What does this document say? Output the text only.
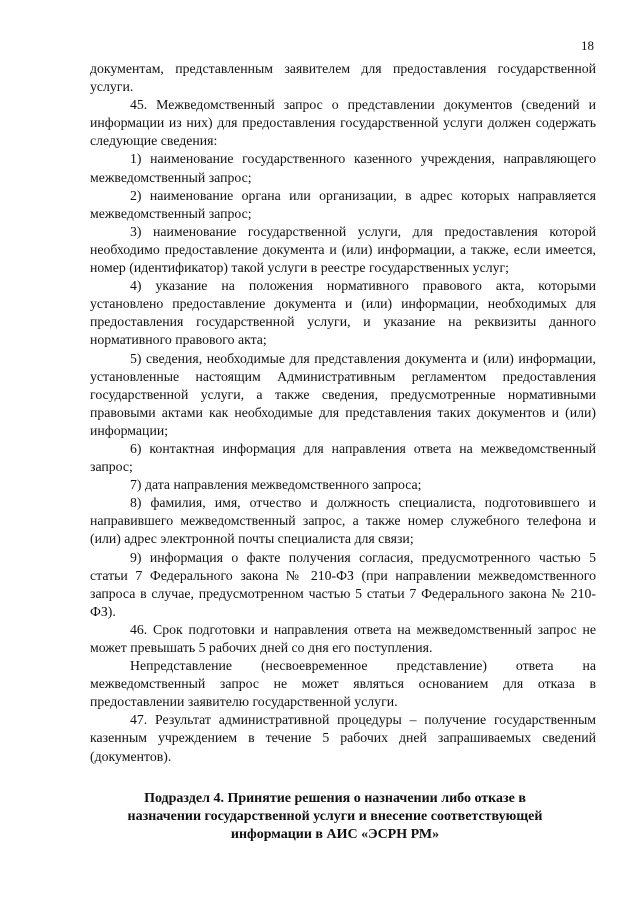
18

документам, представленным заявителем для предоставления государственной услуги.

45. Межведомственный запрос о представлении документов (сведений и информации из них) для предоставления государственной услуги должен содержать следующие сведения:

1) наименование государственного казенного учреждения, направляющего межведомственный запрос;

2) наименование органа или организации, в адрес которых направляется межведомственный запрос;

3) наименование государственной услуги, для предоставления которой необходимо предоставление документа и (или) информации, а также, если имеется, номер (идентификатор) такой услуги в реестре государственных услуг;

4) указание на положения нормативного правового акта, которыми установлено предоставление документа и (или) информации, необходимых для предоставления государственной услуги, и указание на реквизиты данного нормативного правового акта;

5) сведения, необходимые для представления документа и (или) информации, установленные настоящим Административным регламентом предоставления государственной услуги, а также сведения, предусмотренные нормативными правовыми актами как необходимые для представления таких документов и (или) информации;

6) контактная информация для направления ответа на межведомственный запрос;

7) дата направления межведомственного запроса;

8) фамилия, имя, отчество и должность специалиста, подготовившего и направившего межведомственный запрос, а также номер служебного телефона и (или) адрес электронной почты специалиста для связи;

9) информация о факте получения согласия, предусмотренного частью 5 статьи 7 Федерального закона № 210-ФЗ (при направлении межведомственного запроса в случае, предусмотренном частью 5 статьи 7 Федерального закона № 210-ФЗ).

46. Срок подготовки и направления ответа на межведомственный запрос не может превышать 5 рабочих дней со дня его поступления.

Непредставление (несвоевременное представление) ответа на межведомственный запрос не может являться основанием для отказа в предоставлении заявителю государственной услуги.

47. Результат административной процедуры – получение государственным казенным учреждением в течение 5 рабочих дней запрашиваемых сведений (документов).

Подраздел 4. Принятие решения о назначении либо отказе в
назначении государственной услуги и внесение соответствующей
информации в АИС «ЭСРН РМ»
